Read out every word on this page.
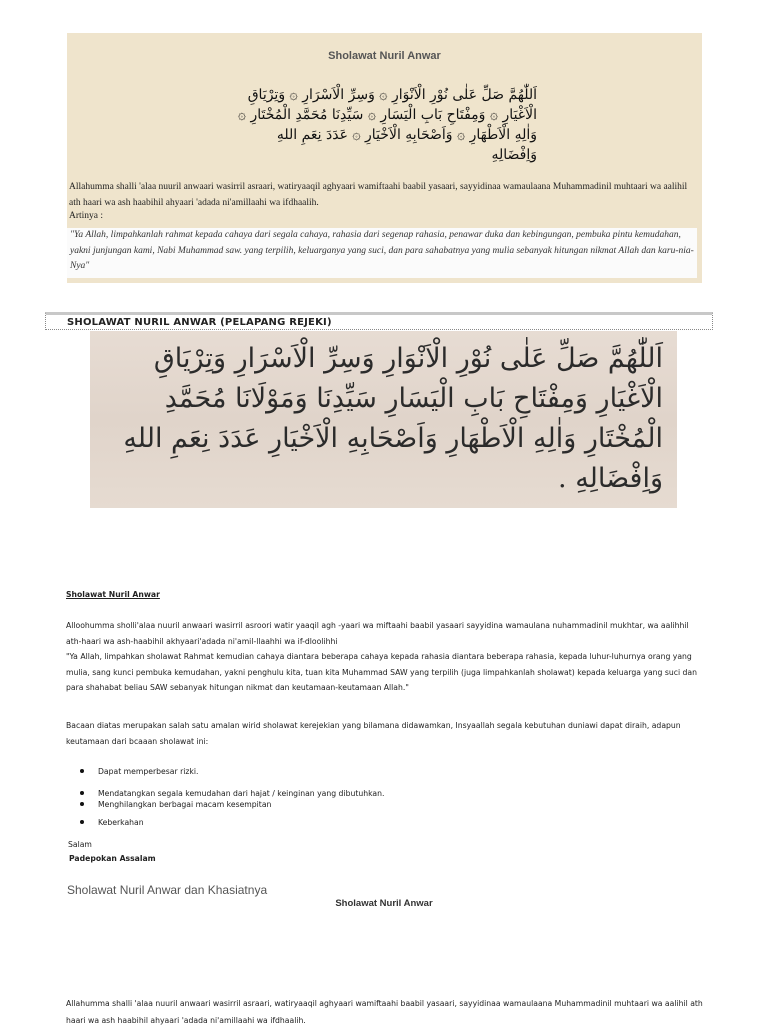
Sholawat Nuril Anwar
اَللّٰهُمَّ صَلِّ عَلٰى نُوْرِ الْاَنْوَارِ ۞ وَسِرِّ الْاَسْرَارِ ۞ وَتِرْيَاقِ الْاَغْيَارِ ۞ وَمِفْتَاحِ بَابِ الْيَسَارِ ۞ سَيِّدِنَا مُحَمَّدِ الْمُخْتَارِ ۞ وَاٰلِهِ الْاَطْهَارِ ۞ وَاَصْحَابِهِ الْاَخْيَارِ ۞ عَدَدَ نِعَمِ اللهِ وَاِفْضَالِهِ
Allahumma shalli 'alaa nuuril anwaari wasirril asraari, watiryaaqil aghyaari wamiftaahi baabil yasaari, sayyidinaa wamaulaana Muhammadinil muhtaari wa aalihil ath haari wa ash haabihil ahyaari 'adada ni'amillaahi wa ifdhaalih.
Artinya :
"Ya Allah, limpahkanlah rahmat kepada cahaya dari segala cahaya, rahasia dari segenap rahasia, penawar duka dan kebingungan, pembuka pintu kemudahan, yakni junjungan kami, Nabi Muhammad saw. yang terpilih, keluarganya yang suci, dan para sahabatnya yang mulia sebanyak hitungan nikmat Allah dan karu-nia-Nya"
SHOLAWAT NURIL ANWAR (PELAPANG REJEKI)
اَللّٰهُمَّ صَلِّ عَلٰى نُوْرِ الْاَنْوَارِ وَسِرِّ الْاَسْرَارِ وَتِرْيَاقِ الْاَغْيَارِ وَمِفْتَاحِ بَابِ الْيَسَارِ سَيِّدِنَا وَمَوْلَانَا مُحَمَّدِ الْمُخْتَارِ وَاٰلِهِ الْاَطْهَارِ وَاَصْحَابِهِ الْاَخْيَارِ عَدَدَ نِعَمِ اللهِ وَاِفْضَالِهِ .
Sholawat Nuril Anwar
Alloohumma sholli'alaa nuuril anwaari wasirril asroori watir yaaqil agh -yaari wa miftaahi baabil yasaari sayyidina wamaulana nuhammadinil mukhtar, wa aalihhil ath-haari wa ash-haabihil akhyaari'adada ni'amil-llaahhi wa if-dloolihhi
"Ya Allah, limpahkan sholawat Rahmat kemudian cahaya diantara beberapa cahaya kepada rahasia diantara beberapa rahasia, kepada luhur-luhurnya orang yang mulia, sang kunci pembuka kemudahan, yakni penghulu kita, tuan kita Muhammad SAW yang terpilih (juga limpahkanlah sholawat) kepada keluarga yang suci dan para shahabat beliau SAW sebanyak hitungan nikmat dan keutamaan-keutamaan Allah."
Bacaan diatas merupakan salah satu amalan wirid sholawat kerejekian yang bilamana didawamkan, Insyaallah segala kebutuhan duniawi dapat diraih, adapun keutamaan dari bcaaan sholawat ini:
Dapat memperbesar rizki.
Mendatangkan segala kemudahan dari hajat / keinginan yang dibutuhkan.
Menghilangkan berbagai macam kesempitan
Keberkahan
Salam
Padepokan Assalam
Sholawat Nuril Anwar dan Khasiatnya
Sholawat Nuril Anwar
Allahumma shalli 'alaa nuuril anwaari wasirril asraari, watiryaaqil aghyaari wamiftaahi baabil yasaari, sayyidinaa wamaulaana Muhammadinil muhtaari wa aalihil ath haari wa ash haabihil ahyaari 'adada ni'amillaahi wa ifdhaalih.
